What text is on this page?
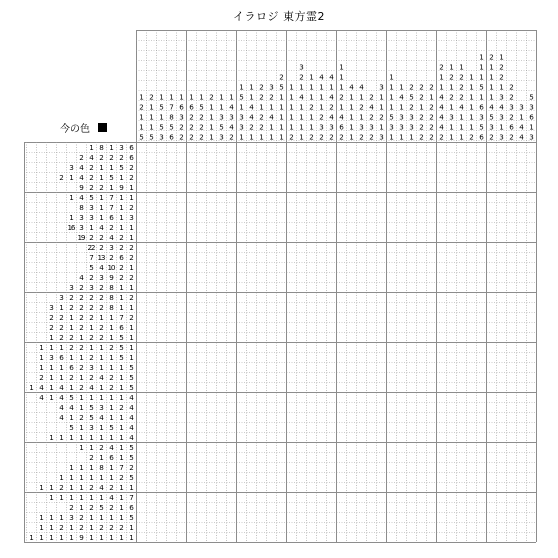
イラロジ 東方霊2
今の色
1
2
1
1
5
2
1
1
1
5
1
5
1
5
3
1
7
8
5
6
1
6
3
2
2
1
6
2
2
2
1
5
2
2
2
2
1
1
1
1
1
1
3
5
3
1
4
3
4
2
1
5
1
3
3
1
1
1
4
4
2
1
2
2
1
2
2
1
3
2
1
4
1
1
2
5
1
1
1
1
1
1
1
1
1
1
2
3
2
1
4
1
1
1
1
1
1
1
2
1
1
2
4
1
1
1
2
3
2
4
1
4
2
4
3
2
1
1
1
2
1
4
6
2
4
1
1
1
1
1
4
1
2
1
3
2
2
4
2
3
2
3
1
1
2
1
3
1
1
1
1
5
3
1
1
4
1
3
3
1
2
5
2
3
3
1
2
2
1
2
2
2
2
1
2
2
2
2
2
1
1
4
4
4
4
2
1
2
1
2
1
3
1
1
1
2
2
2
4
1
1
1
1
1
1
1
1
1
2
1
1
1
5
1
6
3
5
6
2
1
1
1
1
4
5
3
2
1
2
2
1
3
4
3
1
3
2
2
3
2
6
2
3
1
4
4
5
3
6
1
3
1 8 1 3 6
2 4 2 2 2 6
3 4 2 1 1 5 2
2 1 4 2 1 5 1 2
9 2 2 1 9 1
1 4 5 1 7 1 1
8 3 1 7 1 2
1 3 3 1 6 1 3
16 3 1 4 2 1 1
19 2 2 4 2 1
22 2 3 2 2
7 13 2 6 2
5 4 10 2 1
4 2 3 9 2 2
3 2 3 2 8 1 1
3 2 2 2 2 8 1 2
3 1 2 2 2 2 8 1 1
2 2 1 2 2 1 1 7 2
2 2 1 2 1 2 1 6 1
1 2 2 1 2 2 1 5 1
1 1 1 2 2 1 1 2 5 1
1 3 6 1 1 2 1 1 5 1
1 1 1 6 2 3 1 1 1 5
2 1 1 2 1 2 4 2 1 5
1 4 1 4 1 2 4 1 2 1 5
4 1 4 5 1 1 1 1 1 4
4 4 1 5 3 1 2 4
4 1 2 5 4 1 1 4
5 1 3 1 5 1 4
1 1 1 1 1 1 1 1 4
1 1 2 4 1 5
2 1 6 1 5
1 1 1 8 1 7 2
1 1 1 1 1 1 2 5
1 1 2 1 1 2 4 2 1 1
1 1 1 1 1 1 4 1 7
2 1 2 5 2 1 6
1 1 1 3 2 1 1 1 1 5
1 1 2 1 2 1 2 2 2 1
1 1 1 1 1 9 1 1 1 1 1
